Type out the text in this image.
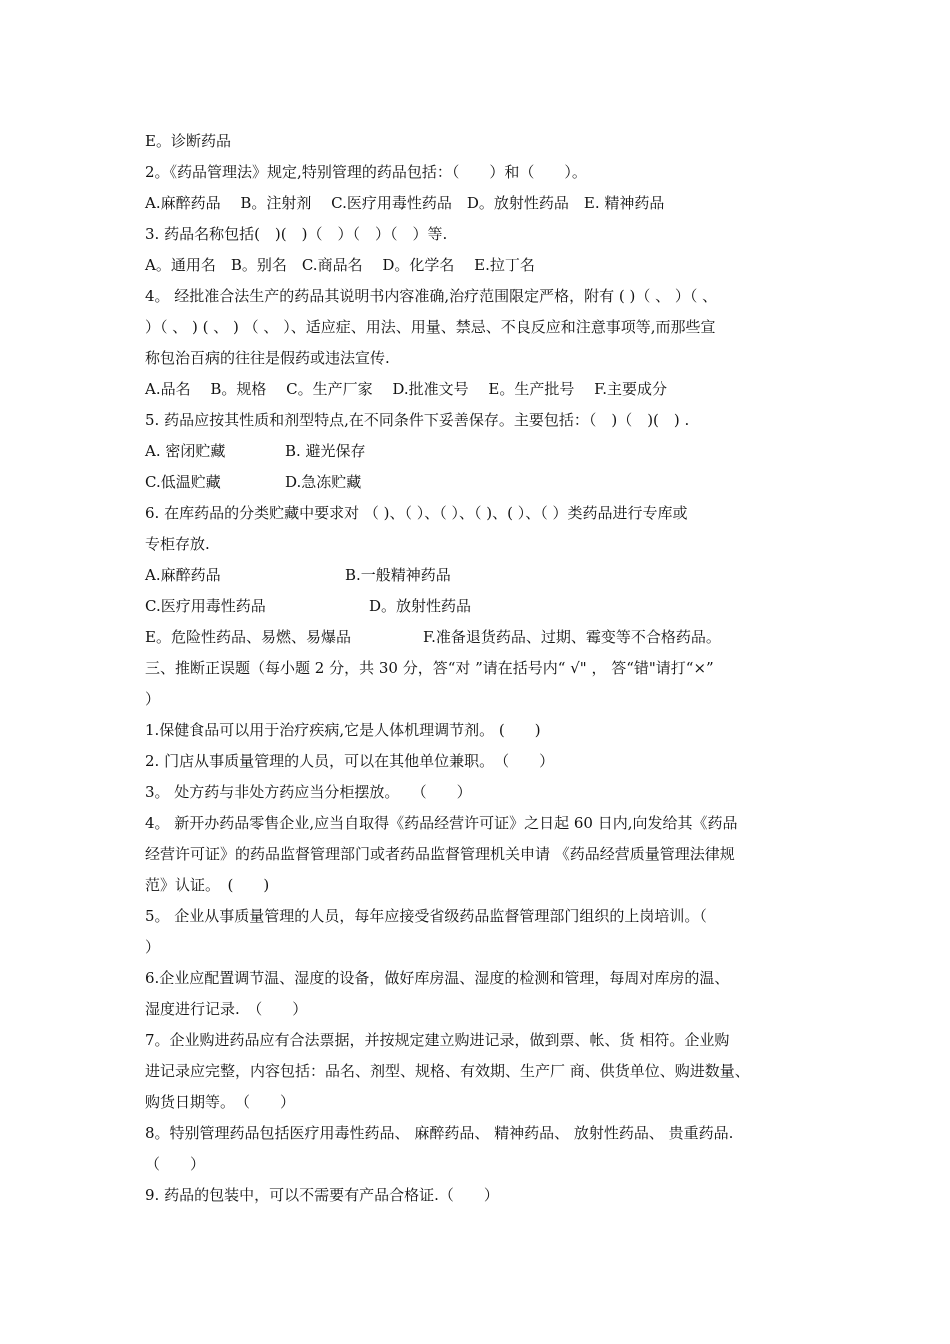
E。诊断药品
2。《药品管理法》规定,特别管理的药品包括：（　　）和（　　）。
A.麻醉药品　 B。注射剂　 C.医疗用毒性药品　D。放射性药品　E. 精神药品
3. 药品名称包括(　)(　)（　）（　）（　）等.
A。通用名　B。别名　C.商品名　 D。化学名　 E.拉丁名
4。 经批准合法生产的药品其说明书内容准确,治疗范围限定严格，附有 ( )（ 、 ）（ 、
）（ 、 ) ( 、 ) （ 、 ）、适应症、用法、用量、禁忌、不良反应和注意事项等,而那些宣
称包治百病的往往是假药或违法宣传.
A.品名　 B。规格　 C。生产厂家　 D.批准文号　 E。生产批号　 F.主要成分
5. 药品应按其性质和剂型特点,在不同条件下妥善保存。主要包括：（　)（　)(　) .
A. 密闭贮藏	B. 避光保存
C.低温贮藏	D.急冻贮藏
6. 在库药品的分类贮藏中要求对 （ )、（ ）、（ ）、（ )、( ）、（ ）类药品进行专库或
专柜存放.
A.麻醉药品	B.一般精神药品
C.医疗用毒性药品	D。放射性药品
E。危险性药品、易燃、易爆品	F.准备退货药品、过期、霉变等不合格药品。
三、推断正误题（每小题 2 分，共 30 分，答“对 ”请在括号内“ √" ， 答“错"请打“×”
）
1.保健食品可以用于治疗疾病,它是人体机理调节剂。 (　　)
2. 门店从事质量管理的人员，可以在其他单位兼职。　（　　）
3。 处方药与非处方药应当分柜摆放。　 （　　）
4。 新开办药品零售企业,应当自取得《药品经营许可证》之日起 60 日内,向发给其《药品
经营许可证》的药品监督管理部门或者药品监督管理机关申请 《药品经营质量管理法律规
范》认证。　(　　)
5。 企业从事质量管理的人员，每年应接受省级药品监督管理部门组织的上岗培训。（
）
6.企业应配置调节温、湿度的设备，做好库房温、湿度的检测和管理，每周对库房的温、
湿度进行记录.　（　　）
7。企业购进药品应有合法票据，并按规定建立购进记录，做到票、帐、货 相符。企业购
进记录应完整，内容包括：品名、剂型、规格、有效期、生产厂 商、供货单位、购进数量、
购货日期等。　（　　）
8。特别管理药品包括医疗用毒性药品、 麻醉药品、 精神药品、 放射性药品、 贵重药品.
（　　）
9. 药品的包装中，可以不需要有产品合格证.（　　）
